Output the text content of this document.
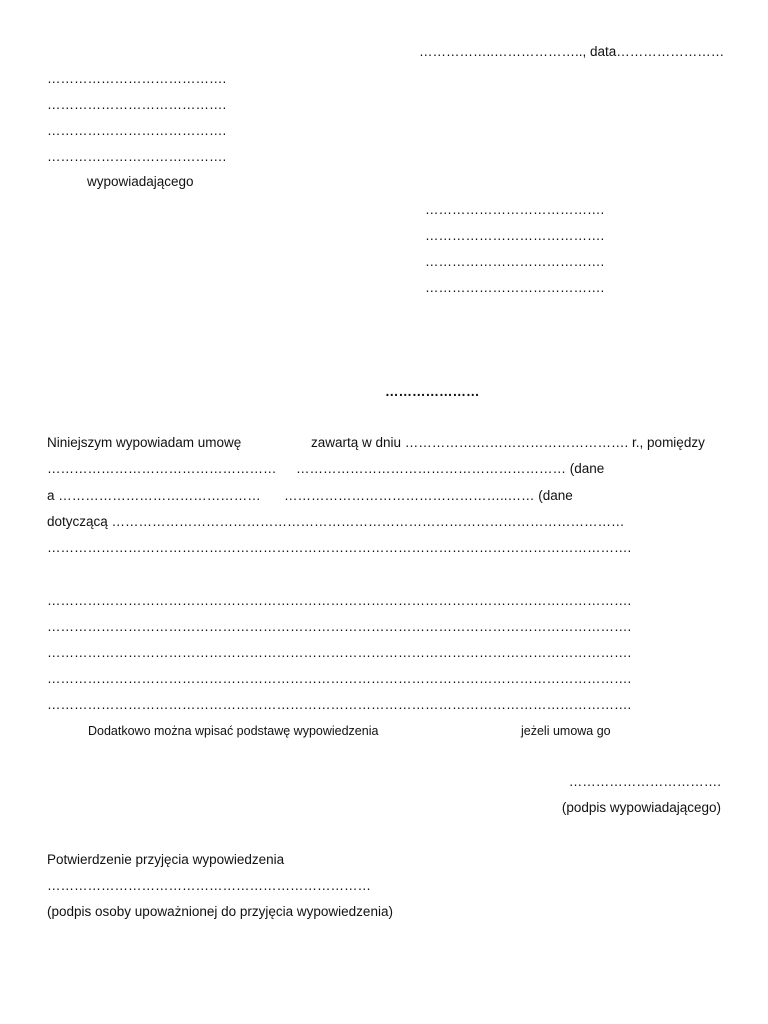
……………..……………….., data……………………
………………………………….
………………………………….
………………………………….
………………………………….
wypowiadającego
………………………………….
………………………………….
………………………………….
………………………………….
…………………
Niniejszym wypowiadam umowę	zawartą w dniu …………….……………………………. r., pomiędzy
…………………………………………… …………………………………………………… (dane
a ……………………………………… …………………………………………..…… (dane
dotyczącą ……………………………………………………………………………………………………
………………………………………………………………………………………………………………….
………………………………………………………………………………………………………………….
………………………………………………………………………………………………………………….
………………………………………………………………………………………………………………….
………………………………………………………………………………………………………………….
………………………………………………………………………………………………………………….
Dodatkowo można wpisać podstawę wypowiedzenia	jeżeli umowa go
…………………………….
(podpis wypowiadającego)
Potwierdzenie przyjęcia wypowiedzenia
………………………………………………………………
(podpis osoby upoważnionej do przyjęcia wypowiedzenia)
